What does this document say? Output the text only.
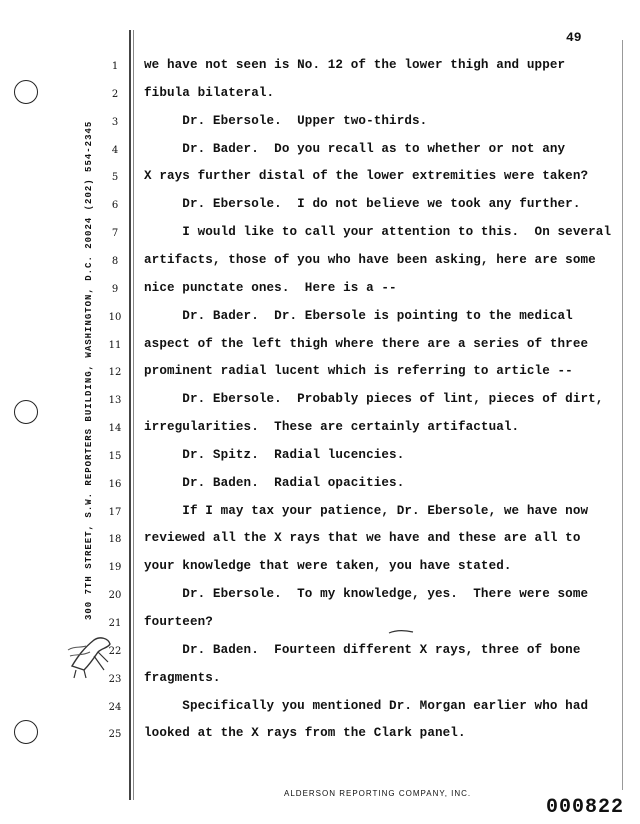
49
300 7TH STREET, S.W. REPORTERS BUILDING, WASHINGTON, D.C. 20024 (202) 554-2345
1	we have not seen is No. 12 of the lower thigh and upper
2	fibula bilateral.
3	Dr. Ebersole.  Upper two-thirds.
4	Dr. Bader.  Do you recall as to whether or not any
5	X rays further distal of the lower extremities were taken?
6	Dr. Ebersole.  I do not believe we took any further.
7	I would like to call your attention to this.  On several
8	artifacts, those of you who have been asking, here are some
9	nice punctate ones.  Here is a --
10 Dr. Bader.  Dr. Ebersole is pointing to the medical
11 aspect of the left thigh where there are a series of three
12 prominent radial lucent which is referring to article --
13 Dr. Ebersole.  Probably pieces of lint, pieces of dirt,
14 irregularities.  These are certainly artifactual.
15 Dr. Spitz.  Radial lucencies.
16 Dr. Baden.  Radial opacities.
17 If I may tax your patience, Dr. Ebersole, we have now
18 reviewed all the X rays that we have and these are all to
19 your knowledge that were taken, you have stated.
20 Dr. Ebersole.  To my knowledge, yes.  There were some
21 fourteen?
22 Dr. Baden.  Fourteen different X rays, three of bone
23 fragments.
24 Specifically you mentioned Dr. Morgan earlier who had
25 looked at the X rays from the Clark panel.
ALDERSON REPORTING COMPANY, INC.
000822
